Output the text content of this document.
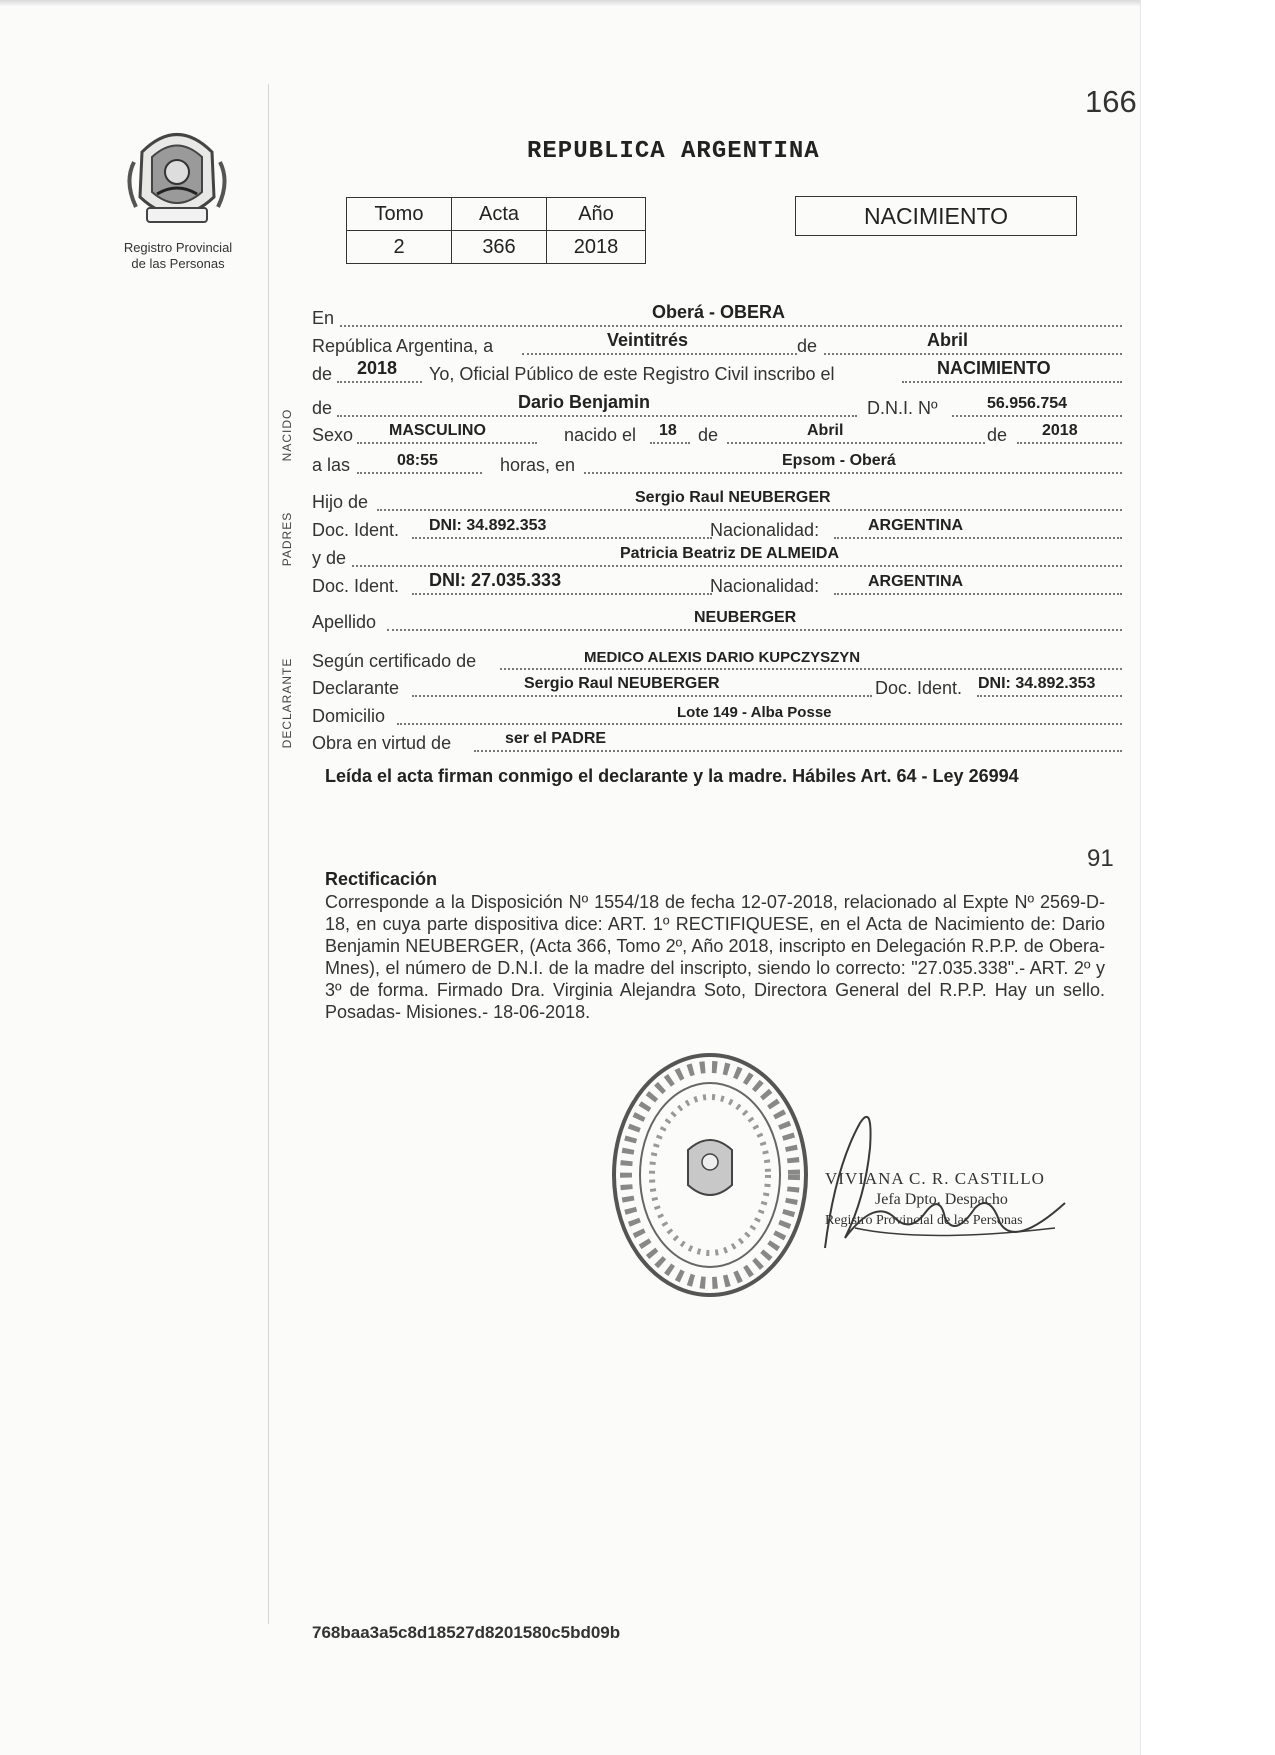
166
Registro Provincial
de las Personas
REPUBLICA ARGENTINA
Tomo	Acta	Año
2	366	2018
NACIMIENTO
NACIDO
PADRES
DECLARANTE
En	Oberá - OBERA
República Argentina, a	Veintitrés	de	Abril
de 2018 Yo, Oficial Público de este Registro Civil inscribo el	NACIMIENTO
de	Dario Benjamin	D.N.I. Nº	56.956.754
Sexo MASCULINO	nacido el 18 de	Abril	de 2018
a las	08:55	horas, en	Epsom - Oberá
Hijo de	Sergio Raul NEUBERGER
Doc. Ident. DNI: 34.892.353	Nacionalidad:	ARGENTINA
y de	Patricia Beatriz DE ALMEIDA
Doc. Ident. DNI: 27.035.333	Nacionalidad:	ARGENTINA
Apellido	NEUBERGER
Según certificado de	MEDICO ALEXIS DARIO KUPCZYSZYN
Declarante	Sergio Raul NEUBERGER	Doc. Ident. DNI: 34.892.353
Domicilio	Lote 149 - Alba Posse
Obra en virtud de	ser el PADRE
Leída el acta firman conmigo el declarante y la madre. Hábiles Art. 64 - Ley 26994
91
Rectificación
Corresponde a la Disposición Nº 1554/18 de fecha 12-07-2018, relacionado al Expte Nº 2569-D-18, en cuya parte dispositiva dice: ART. 1º RECTIFIQUESE, en el Acta de Nacimiento de: Dario Benjamin NEUBERGER, (Acta 366, Tomo 2º, Año 2018, inscripto en Delegación R.P.P. de Obera-Mnes), el número de D.N.I. de la madre del inscripto, siendo lo correcto: "27.035.338".- ART. 2º y 3º de forma. Firmado Dra. Virginia Alejandra Soto, Directora General del R.P.P. Hay un sello. Posadas- Misiones.- 18-06-2018.
VIVIANA C. R. CASTILLO
Jefa Dpto. Despacho
Registro Provincial de las Personas
768baa3a5c8d18527d8201580c5bd09b
